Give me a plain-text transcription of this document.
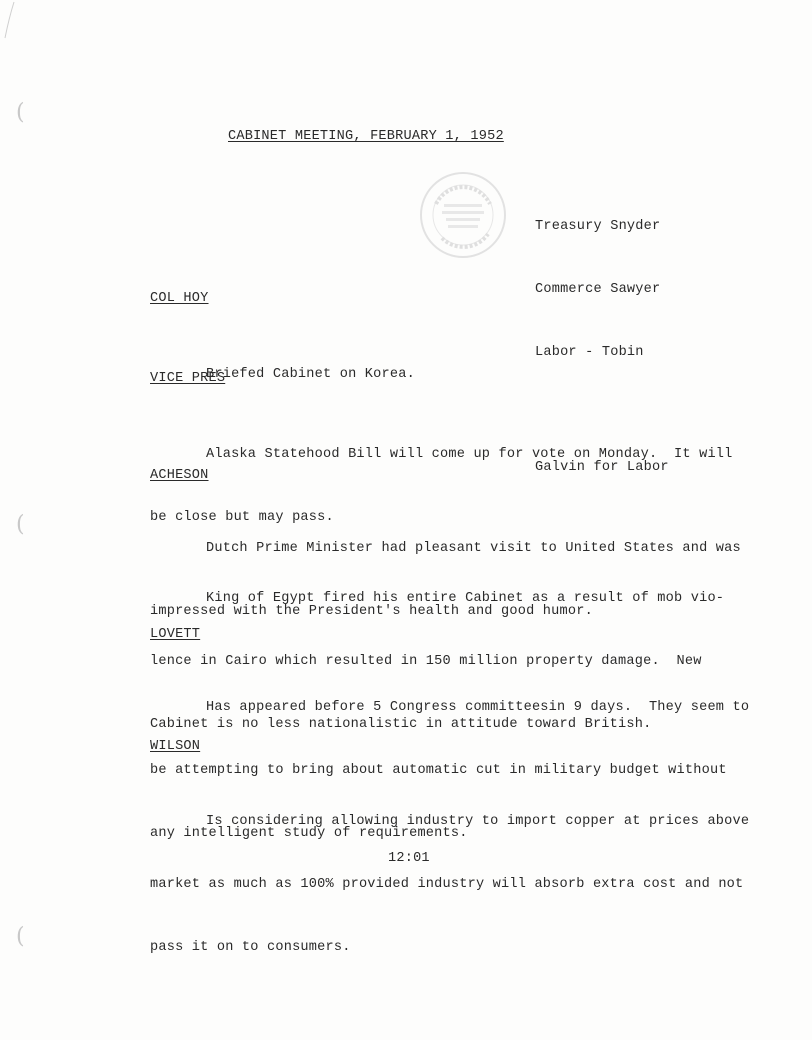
(
(
(
CABINET MEETING, FEBRUARY 1, 1952

Treasury Snyder

Commerce Sawyer

Labor - Tobin

Galvin for Labor

COL HOY

Briefed Cabinet on Korea.

VICE PRES

Alaska Statehood Bill will come up for vote on Monday.  It will

be close but may pass.

ACHESON

Dutch Prime Minister had pleasant visit to United States and was

impressed with the President's health and good humor.

King of Egypt fired his entire Cabinet as a result of mob vio-

lence in Cairo which resulted in 150 million property damage.  New

Cabinet is no less nationalistic in attitude toward British.

LOVETT

Has appeared before 5 Congress committeesin 9 days.  They seem to

be attempting to bring about automatic cut in military budget without

any intelligent study of requirements.

WILSON

Is considering allowing industry to import copper at prices above

market as much as 100% provided industry will absorb extra cost and not

pass it on to consumers.

12:01
